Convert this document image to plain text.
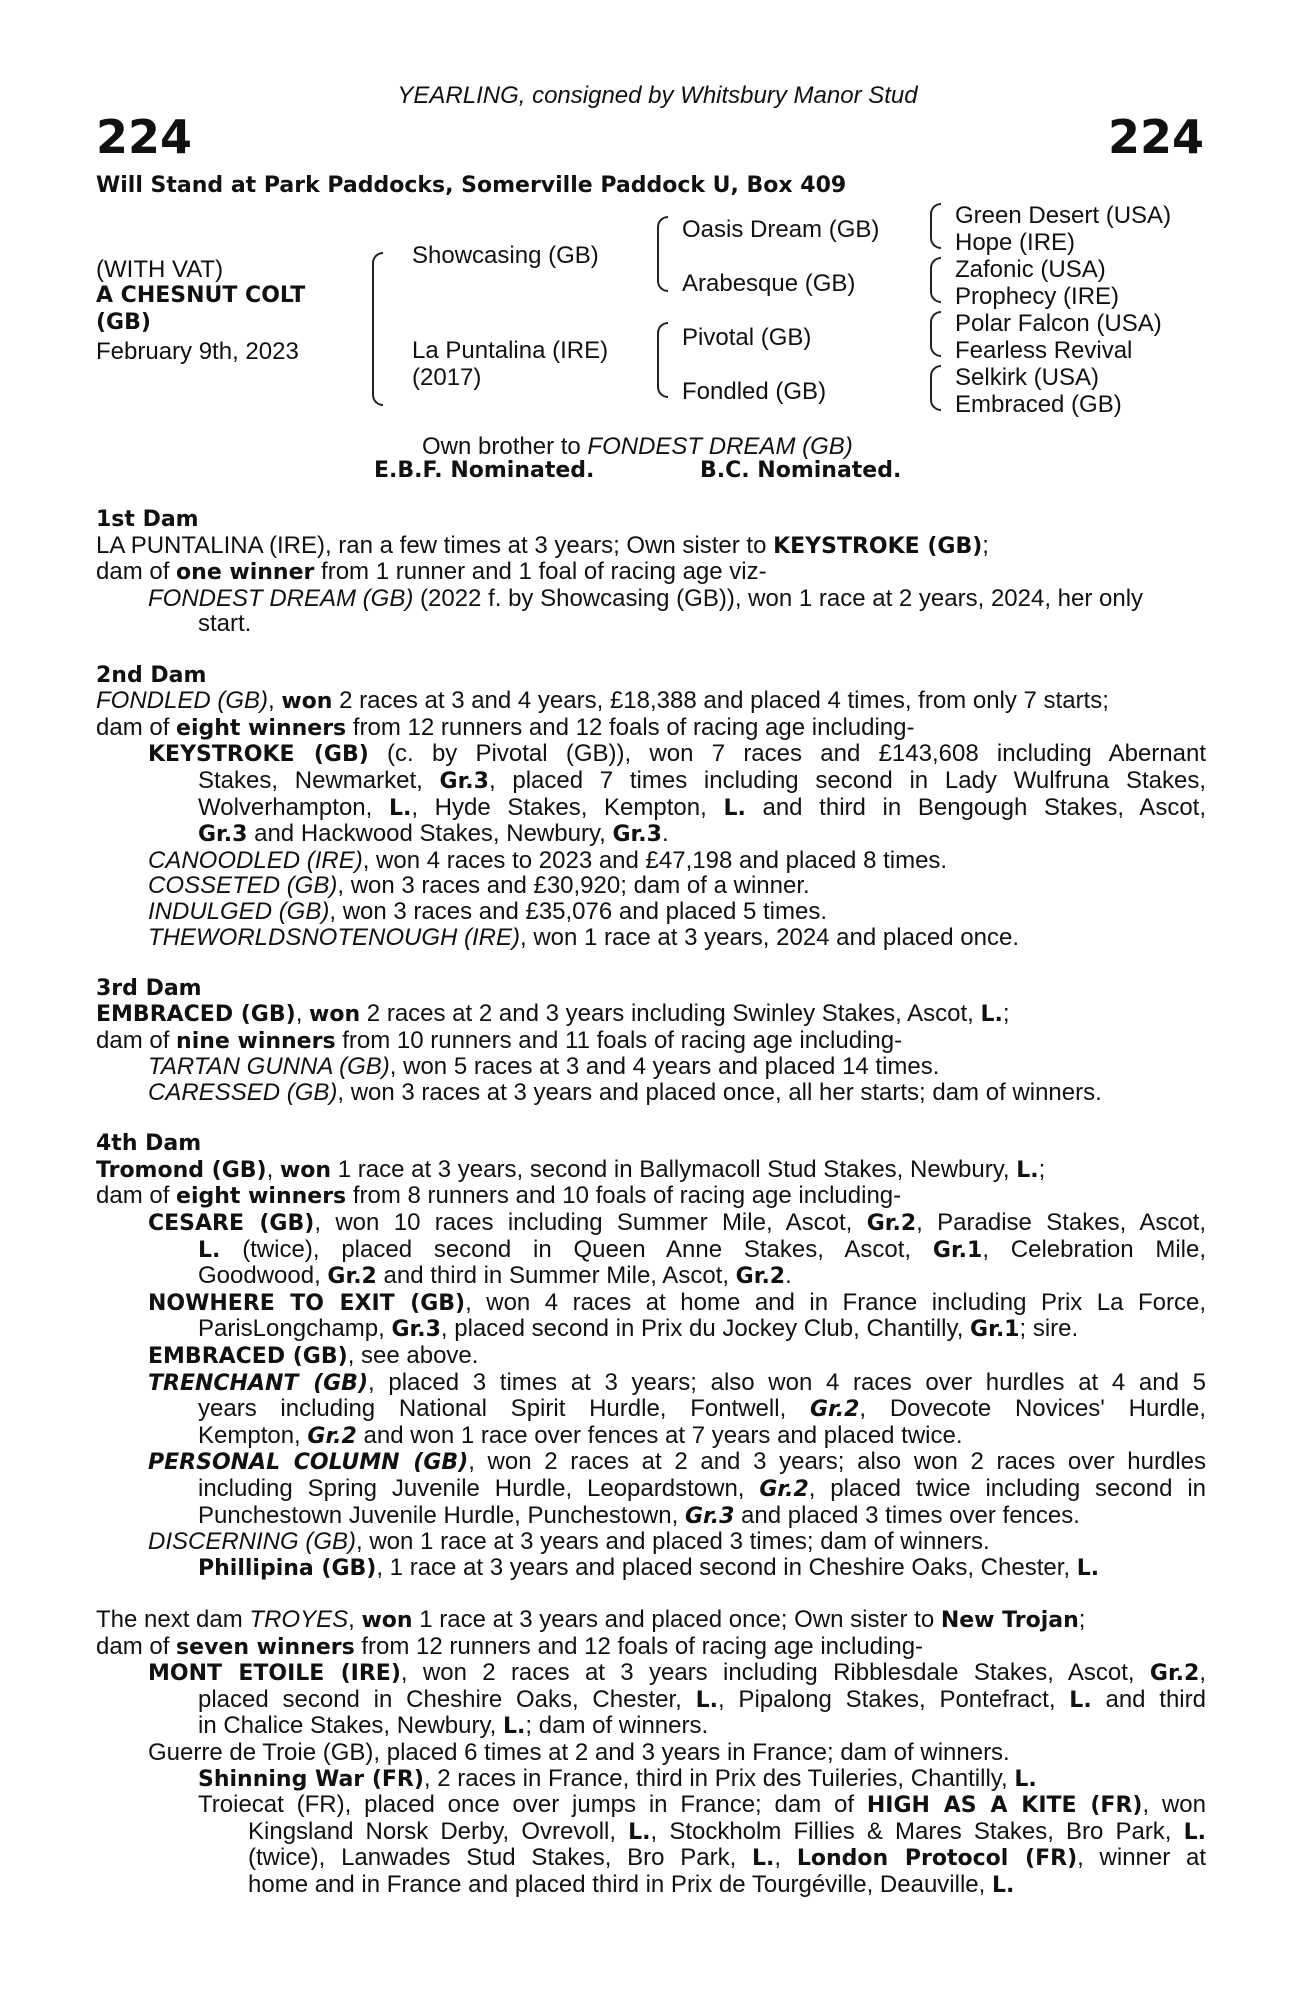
YEARLING, consigned by Whitsbury Manor Stud
224	224
Will Stand at Park Paddocks, Somerville Paddock U, Box 409
(WITH VAT)
A CHESNUT COLT
(GB)
February 9th, 2023
Showcasing (GB)
La Puntalina (IRE)
(2017)
Oasis Dream (GB)
Arabesque (GB)
Pivotal (GB)
Fondled (GB)
Green Desert (USA)
Hope (IRE)
Zafonic (USA)
Prophecy (IRE)
Polar Falcon (USA)
Fearless Revival
Selkirk (USA)
Embraced (GB)
Own brother to FONDEST DREAM (GB)
E.B.F. Nominated.	B.C. Nominated.
1st Dam
LA PUNTALINA (IRE), ran a few times at 3 years; Own sister to KEYSTROKE (GB);
dam of one winner from 1 runner and 1 foal of racing age viz-
FONDEST DREAM (GB) (2022 f. by Showcasing (GB)), won 1 race at 2 years, 2024, her only
start.
2nd Dam
FONDLED (GB), won 2 races at 3 and 4 years, £18,388 and placed 4 times, from only 7 starts;
dam of eight winners from 12 runners and 12 foals of racing age including-
KEYSTROKE (GB) (c. by Pivotal (GB)), won 7 races and £143,608 including Abernant
Stakes, Newmarket, Gr.3, placed 7 times including second in Lady Wulfruna Stakes,
Wolverhampton, L., Hyde Stakes, Kempton, L. and third in Bengough Stakes, Ascot,
Gr.3 and Hackwood Stakes, Newbury, Gr.3.
CANOODLED (IRE), won 4 races to 2023 and £47,198 and placed 8 times.
COSSETED (GB), won 3 races and £30,920; dam of a winner.
INDULGED (GB), won 3 races and £35,076 and placed 5 times.
THEWORLDSNOTENOUGH (IRE), won 1 race at 3 years, 2024 and placed once.
3rd Dam
EMBRACED (GB), won 2 races at 2 and 3 years including Swinley Stakes, Ascot, L.;
dam of nine winners from 10 runners and 11 foals of racing age including-
TARTAN GUNNA (GB), won 5 races at 3 and 4 years and placed 14 times.
CARESSED (GB), won 3 races at 3 years and placed once, all her starts; dam of winners.
4th Dam
Tromond (GB), won 1 race at 3 years, second in Ballymacoll Stud Stakes, Newbury, L.;
dam of eight winners from 8 runners and 10 foals of racing age including-
CESARE (GB), won 10 races including Summer Mile, Ascot, Gr.2, Paradise Stakes, Ascot,
L. (twice), placed second in Queen Anne Stakes, Ascot, Gr.1, Celebration Mile,
Goodwood, Gr.2 and third in Summer Mile, Ascot, Gr.2.
NOWHERE TO EXIT (GB), won 4 races at home and in France including Prix La Force,
ParisLongchamp, Gr.3, placed second in Prix du Jockey Club, Chantilly, Gr.1; sire.
EMBRACED (GB), see above.
TRENCHANT (GB), placed 3 times at 3 years; also won 4 races over hurdles at 4 and 5
years including National Spirit Hurdle, Fontwell, Gr.2, Dovecote Novices' Hurdle,
Kempton, Gr.2 and won 1 race over fences at 7 years and placed twice.
PERSONAL COLUMN (GB), won 2 races at 2 and 3 years; also won 2 races over hurdles
including Spring Juvenile Hurdle, Leopardstown, Gr.2, placed twice including second in
Punchestown Juvenile Hurdle, Punchestown, Gr.3 and placed 3 times over fences.
DISCERNING (GB), won 1 race at 3 years and placed 3 times; dam of winners.
Phillipina (GB), 1 race at 3 years and placed second in Cheshire Oaks, Chester, L.
The next dam TROYES, won 1 race at 3 years and placed once; Own sister to New Trojan;
dam of seven winners from 12 runners and 12 foals of racing age including-
MONT ETOILE (IRE), won 2 races at 3 years including Ribblesdale Stakes, Ascot, Gr.2,
placed second in Cheshire Oaks, Chester, L., Pipalong Stakes, Pontefract, L. and third
in Chalice Stakes, Newbury, L.; dam of winners.
Guerre de Troie (GB), placed 6 times at 2 and 3 years in France; dam of winners.
Shinning War (FR), 2 races in France, third in Prix des Tuileries, Chantilly, L.
Troiecat (FR), placed once over jumps in France; dam of HIGH AS A KITE (FR), won
Kingsland Norsk Derby, Ovrevoll, L., Stockholm Fillies & Mares Stakes, Bro Park, L.
(twice), Lanwades Stud Stakes, Bro Park, L., London Protocol (FR), winner at
home and in France and placed third in Prix de Tourgéville, Deauville, L.
